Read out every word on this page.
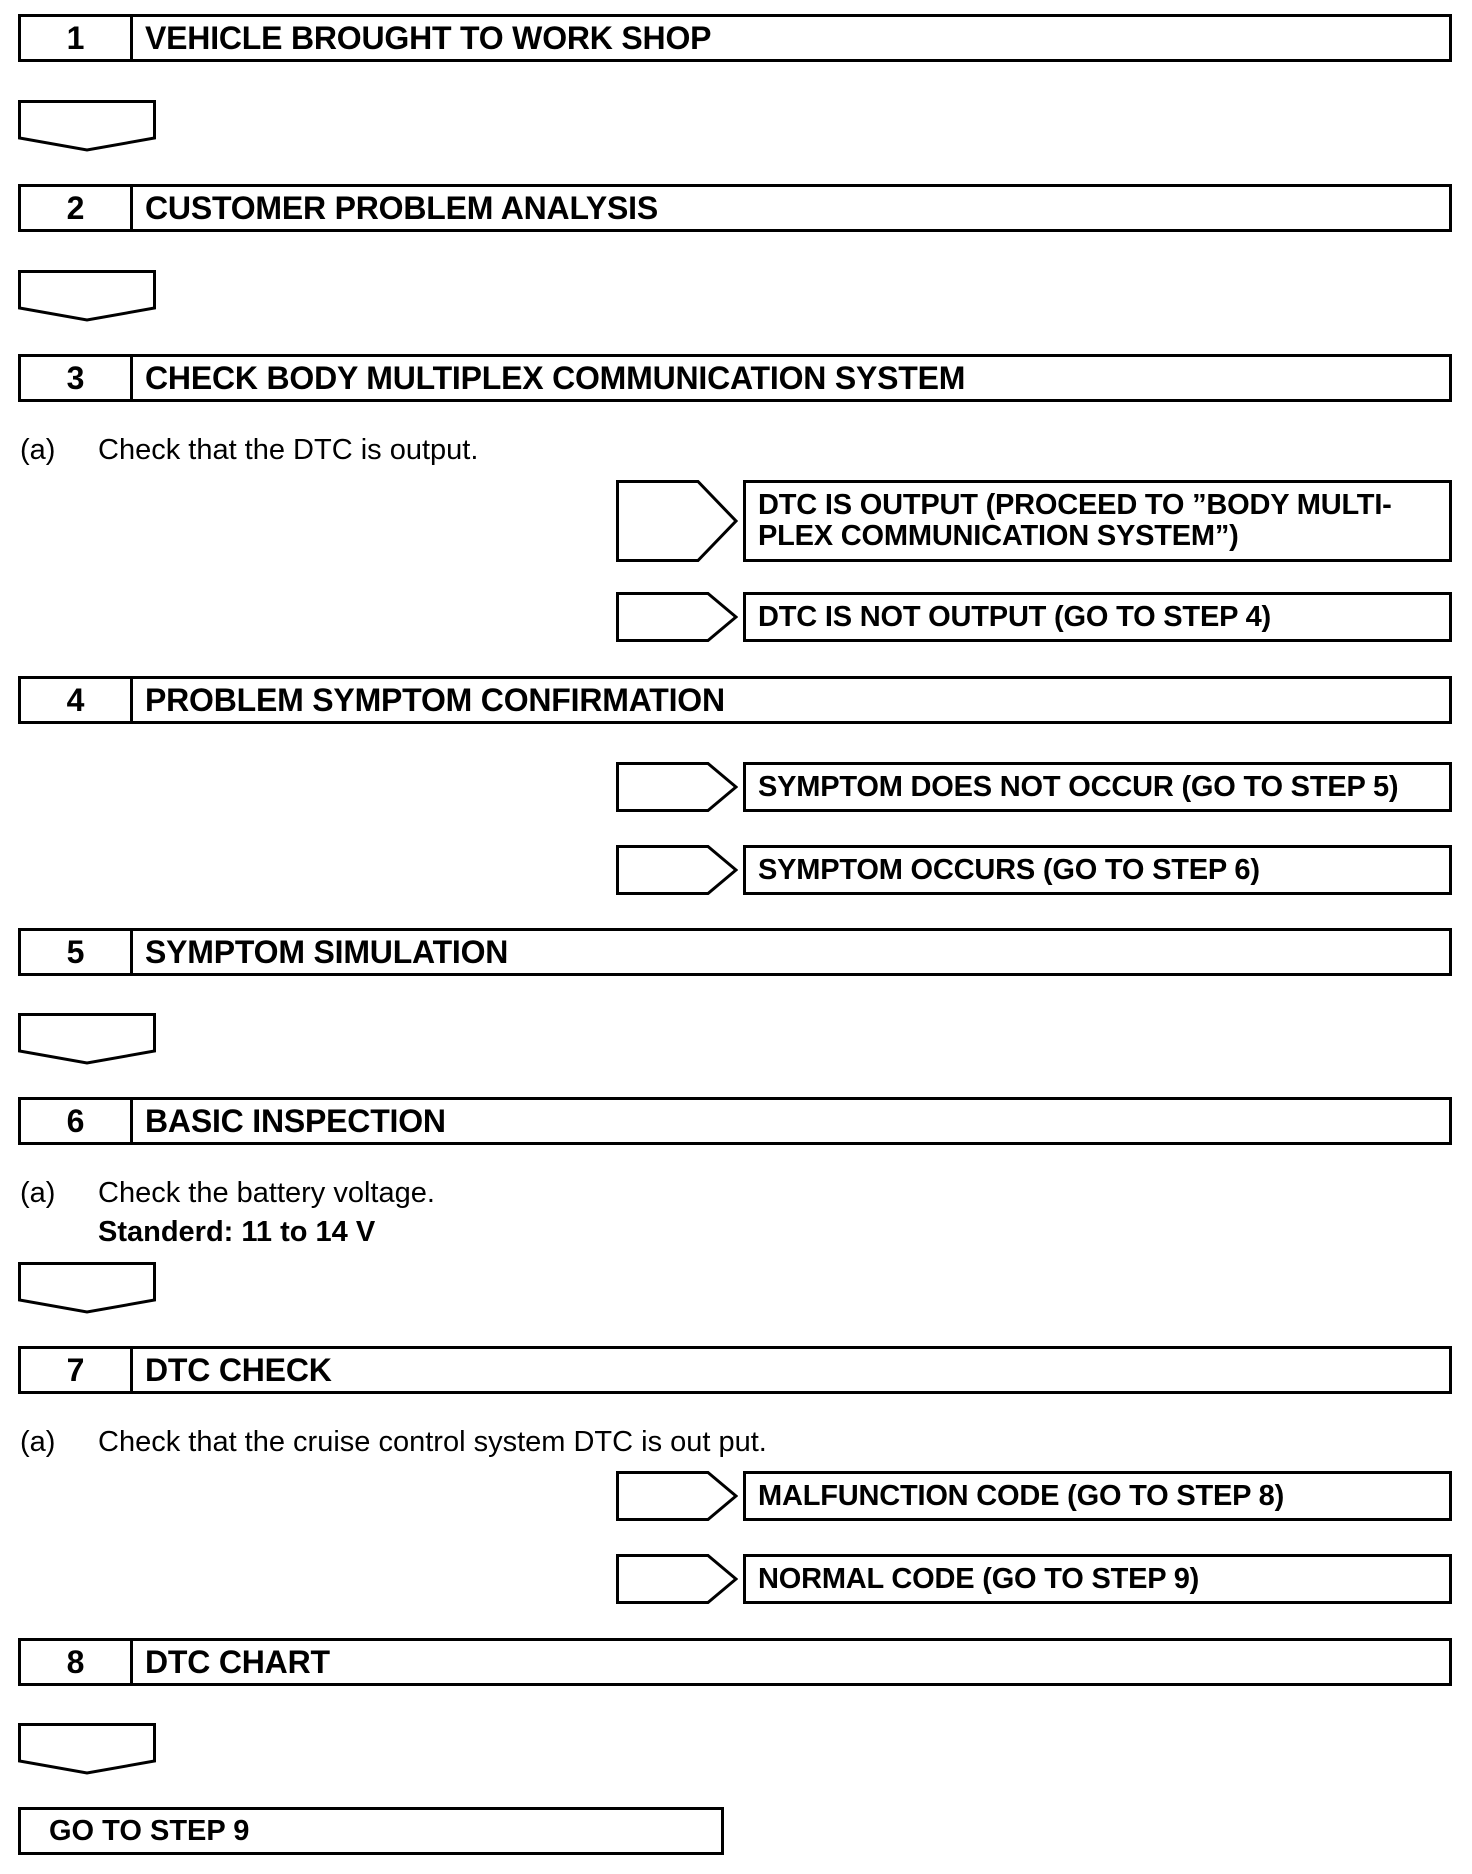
1	VEHICLE BROUGHT TO WORK SHOP
2	CUSTOMER PROBLEM ANALYSIS
3	CHECK BODY MULTIPLEX COMMUNICATION SYSTEM
(a) Check that the DTC is output.
DTC IS OUTPUT (PROCEED TO ”BODY MULTI-
PLEX COMMUNICATION SYSTEM”)
DTC IS NOT OUTPUT (GO TO STEP 4)
4	PROBLEM SYMPTOM CONFIRMATION
SYMPTOM DOES NOT OCCUR (GO TO STEP 5)
SYMPTOM OCCURS (GO TO STEP 6)
5	SYMPTOM SIMULATION
6	BASIC INSPECTION
(a) Check the battery voltage.
Standerd: 11 to 14 V
7	DTC CHECK
(a) Check that the cruise control system DTC is out put.
MALFUNCTION CODE (GO TO STEP 8)
NORMAL CODE (GO TO STEP 9)
8	DTC CHART
GO TO STEP 9
